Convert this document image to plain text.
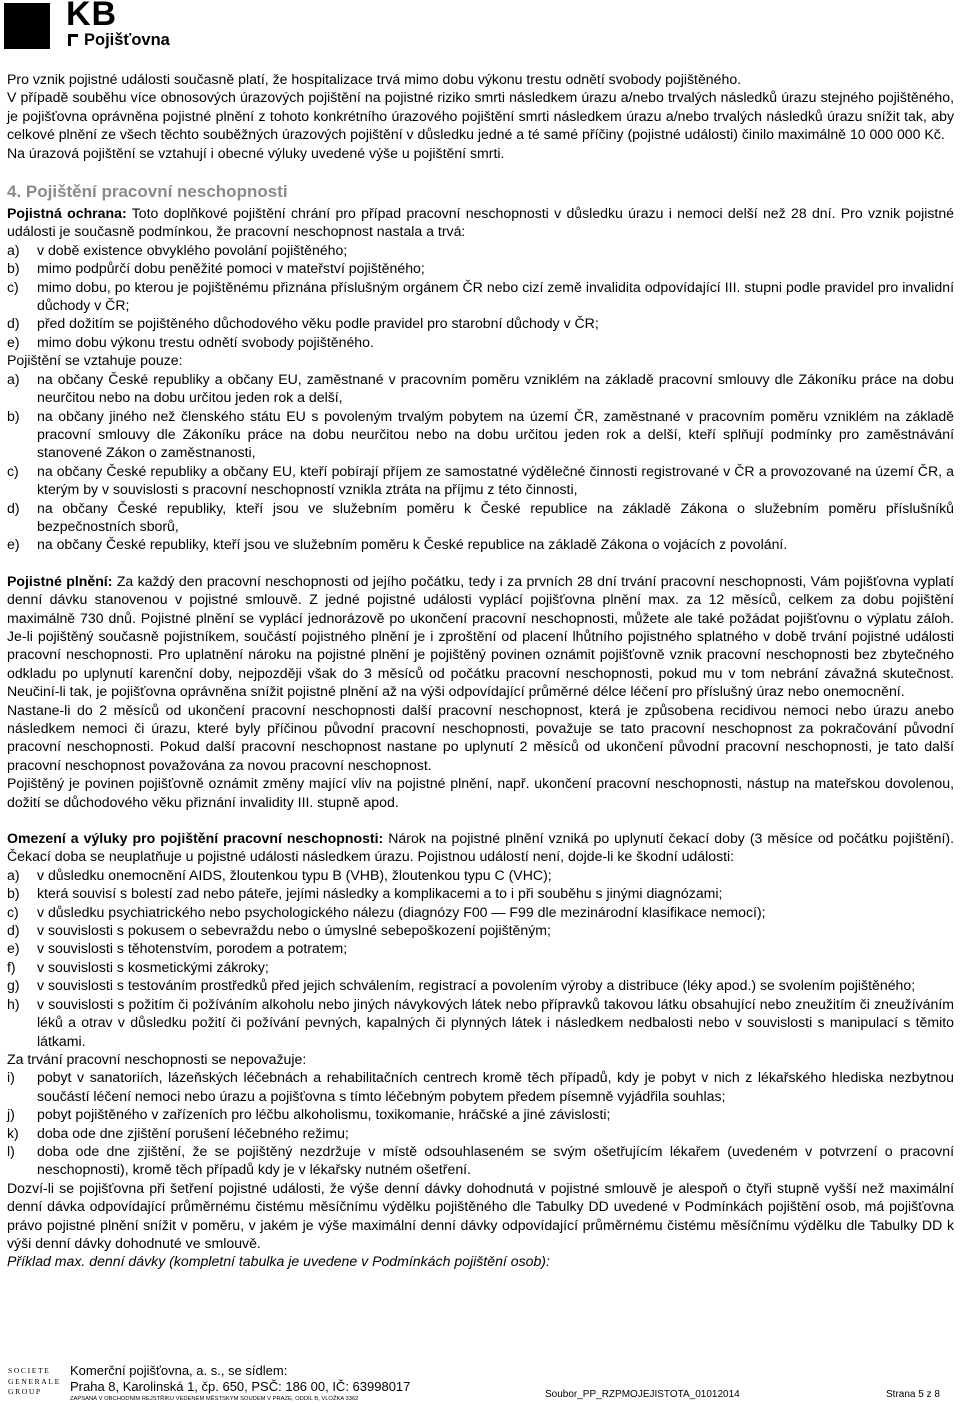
KB
Pojišťovna

Pro vznik pojistné události současně platí, že hospitalizace trvá mimo dobu výkonu trestu odnětí svobody pojištěného.

V případě souběhu více obnosových úrazových pojištění na pojistné riziko smrti následkem úrazu a/nebo trvalých následků úrazu stejného pojištěného, je pojišťovna oprávněna pojistné plnění z tohoto konkrétního úrazového pojištění smrti následkem úrazu a/nebo trvalých následků úrazu snížit tak, aby celkové plnění ze všech těchto souběžných úrazových pojištění v důsledku jedné a té samé příčiny (pojistné události) činilo maximálně 10 000 000 Kč.

Na úrazová pojištění se vztahují i obecné výluky uvedené výše u pojištění smrti.

4. Pojištění pracovní neschopnosti

Pojistná ochrana: Toto doplňkové pojištění chrání pro případ pracovní neschopnosti v důsledku úrazu i nemoci delší než 28 dní. Pro vznik pojistné události je současně podmínkou, že pracovní neschopnost nastala a trvá:

a)	v době existence obvyklého povolání pojištěného;
b)	mimo podpůrčí dobu peněžité pomoci v mateřství pojištěného;
c)	mimo dobu, po kterou je pojištěnému přiznána příslušným orgánem ČR nebo cizí země invalidita odpovídající III. stupni podle pravidel pro invalidní důchody v ČR;
d)	před dožitím se pojištěného důchodového věku podle pravidel pro starobní důchody v ČR;
e)	mimo dobu výkonu trestu odnětí svobody pojištěného.

Pojištění se vztahuje pouze:

a)	na občany České republiky a občany EU, zaměstnané v pracovním poměru vzniklém na základě pracovní smlouvy dle Zákoníku práce na dobu neurčitou nebo na dobu určitou jeden rok a delší,
b)	na občany jiného než členského státu EU s povoleným trvalým pobytem na území ČR, zaměstnané v pracovním poměru vzniklém na základě pracovní smlouvy dle Zákoníku práce na dobu neurčitou nebo na dobu určitou jeden rok a delší, kteří splňují podmínky pro zaměstnávání stanovené Zákon o zaměstnanosti,
c)	na občany České republiky a občany EU, kteří pobírají příjem ze samostatné výdělečné činnosti registrované v ČR a provozované na území ČR, a kterým by v souvislosti s pracovní neschopností vznikla ztráta na příjmu z této činnosti,
d)	na občany České republiky, kteří jsou ve služebním poměru k České republice na základě Zákona o služebním poměru příslušníků bezpečnostních sborů,
e)	na občany České republiky, kteří jsou ve služebním poměru k České republice na základě Zákona o vojácích z povolání.

Pojistné plnění: Za každý den pracovní neschopnosti od jejího počátku, tedy i za prvních 28 dní trvání pracovní neschopnosti, Vám pojišťovna vyplatí denní dávku stanovenou v pojistné smlouvě. Z jedné pojistné události vyplácí pojišťovna plnění max. za 12 měsíců, celkem za dobu pojištění maximálně 730 dnů. Pojistné plnění se vyplácí jednorázově po ukončení pracovní neschopnosti, můžete ale také požádat pojišťovnu o výplatu záloh. Je-li pojištěný současně pojistníkem, součástí pojistného plnění je i zproštění od placení lhůtního pojistného splatného v době trvání pojistné události pracovní neschopnosti. Pro uplatnění nároku na pojistné plnění je pojištěný povinen oznámit pojišťovně vznik pracovní neschopnosti bez zbytečného odkladu po uplynutí karenční doby, nejpozději však do 3 měsíců od počátku pracovní neschopnosti, pokud mu v tom nebrání závažná skutečnost. Neučiní-li tak, je pojišťovna oprávněna snížit pojistné plnění až na výši odpovídající průměrné délce léčení pro příslušný úraz nebo onemocnění.

Nastane-li do 2 měsíců od ukončení pracovní neschopnosti další pracovní neschopnost, která je způsobena recidivou nemoci nebo úrazu anebo následkem nemoci či úrazu, které byly příčinou původní pracovní neschopnosti, považuje se tato pracovní neschopnost za pokračování původní pracovní neschopnosti. Pokud další pracovní neschopnost nastane po uplynutí 2 měsíců od ukončení původní pracovní neschopnosti, je tato další pracovní neschopnost považována za novou pracovní neschopnost.

Pojištěný je povinen pojišťovně oznámit změny mající vliv na pojistné plnění, např. ukončení pracovní neschopnosti, nástup na mateřskou dovolenou, dožití se důchodového věku přiznání invalidity III. stupně apod.

Omezení a výluky pro pojištění pracovní neschopnosti: Nárok na pojistné plnění vzniká po uplynutí čekací doby (3 měsíce od počátku pojištění). Čekací doba se neuplatňuje u pojistné události následkem úrazu. Pojistnou událostí není, dojde-li ke škodní události:

a)	v důsledku onemocnění AIDS, žloutenkou typu B (VHB), žloutenkou typu C (VHC);
b)	která souvisí s bolestí zad nebo páteře, jejími následky a komplikacemi a to i při souběhu s jinými diagnózami;
c)	v důsledku psychiatrického nebo psychologického nálezu (diagnózy F00 — F99 dle mezinárodní klasifikace nemocí);
d)	v souvislosti s pokusem o sebevraždu nebo o úmyslné sebepoškození pojištěným;
e)	v souvislosti s těhotenstvím, porodem a potratem;
f)	v souvislosti s kosmetickými zákroky;
g)	v souvislosti s testováním prostředků před jejich schválením, registrací a povolením výroby a distribuce (léky apod.) se svolením pojištěného;
h)	v souvislosti s požitím či požíváním alkoholu nebo jiných návykových látek nebo přípravků takovou látku obsahující nebo zneužitím či zneužíváním léků a otrav v důsledku požití či požívání pevných, kapalných či plynných látek i následkem nedbalosti nebo v souvislosti s manipulací s těmito látkami.

Za trvání pracovní neschopnosti se nepovažuje:

i)	pobyt v sanatoriích, lázeňských léčebnách a rehabilitačních centrech kromě těch případů, kdy je pobyt v nich z lékařského hlediska nezbytnou součástí léčení nemoci nebo úrazu a pojišťovna s tímto léčebným pobytem předem písemně vyjádřila souhlas;
j)	pobyt pojištěného v zařízeních pro léčbu alkoholismu, toxikomanie, hráčské a jiné závislosti;
k)	doba ode dne zjištění porušení léčebného režimu;
l)	doba ode dne zjištění, že se pojištěný nezdržuje v místě odsouhlaseném se svým ošetřujícím lékařem (uvedeném v potvrzení o pracovní neschopnosti), kromě těch případů kdy je v lékařsky nutném ošetření.

Dozví-li se pojišťovna při šetření pojistné události, že výše denní dávky dohodnutá v pojistné smlouvě je alespoň o čtyři stupně vyšší než maximální denní dávka odpovídající průměrnému čistému měsíčnímu výdělku pojištěného dle Tabulky DD uvedené v Podmínkách pojištění osob, má pojišťovna právo pojistné plnění snížit v poměru, v jakém je výše maximální denní dávky odpovídající průměrnému čistému měsíčnímu výdělku dle Tabulky DD k výši denní dávky dohodnuté ve smlouvě.

Příklad max. denní dávky (kompletní tabulka je uvedene v Podmínkách pojištění osob):

SOCIETE
GENERALE
GROUP
Komerční pojišťovna, a. s., se sídlem:
Praha 8, Karolinská 1, čp. 650, PSČ: 186 00, IČ: 63998017
ZAPSANÁ V OBCHODNÍM REJSTŘÍKU VEDENÉM MĚSTSKÝM SOUDEM V PRAZE, ODDÍL B, VLOŽKA 3362	Soubor_PP_RZPMOJEJISTOTA_01012014	Strana 5 z 8
